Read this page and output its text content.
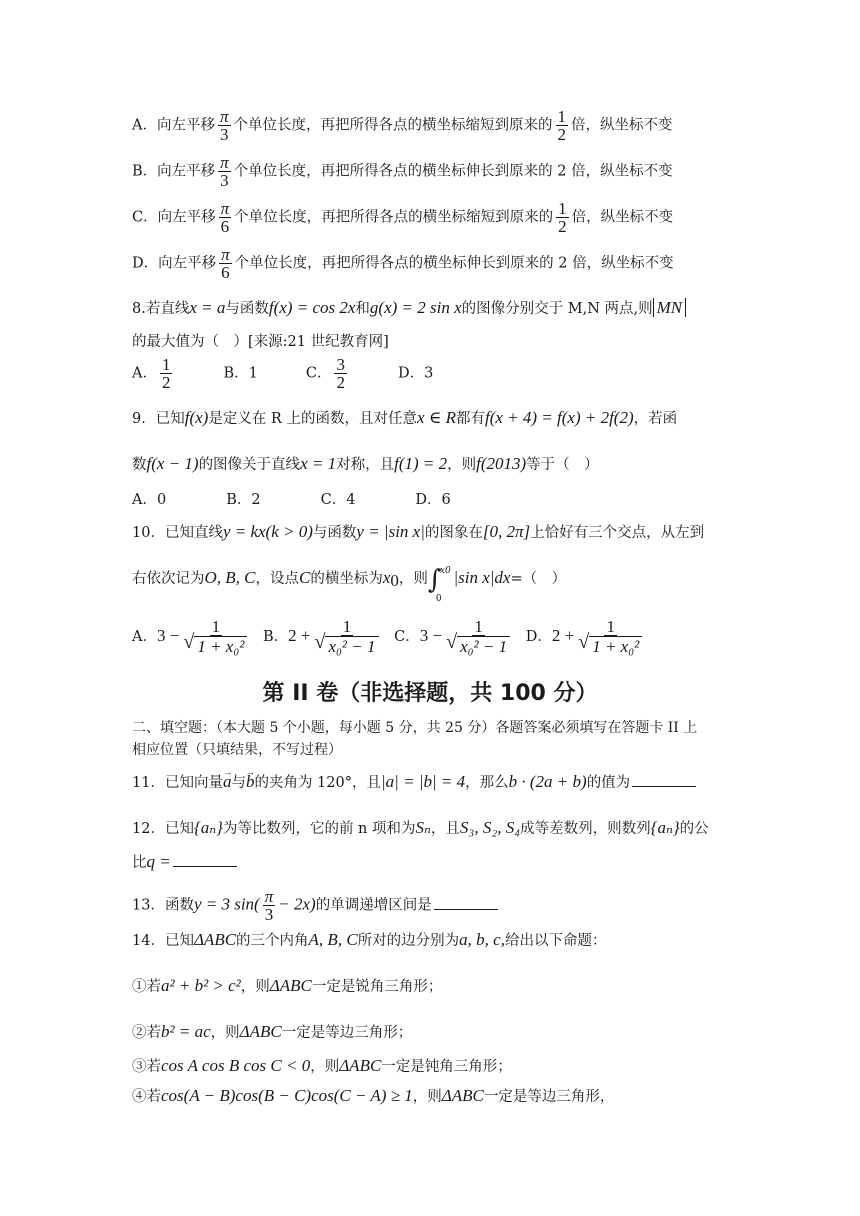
A．向左平移 $\frac{\pi}{3}$ 个单位长度，再把所得各点的横坐标缩短到原来的 $\frac{1}{2}$ 倍，纵坐标不变
B．向左平移 $\frac{\pi}{3}$ 个单位长度，再把所得各点的横坐标伸长到原来的 2 倍，纵坐标不变
C．向左平移 $\frac{\pi}{6}$ 个单位长度，再把所得各点的横坐标缩短到原来的 $\frac{1}{2}$ 倍，纵坐标不变
D．向左平移 $\frac{\pi}{6}$ 个单位长度，再把所得各点的横坐标伸长到原来的 2 倍，纵坐标不变
8.若直线x = a与函数f(x) = cos 2x和g(x) = 2 sin x的图像分别交于 M,N 两点,则 MN
的最大值为（　）[来源:21 世纪教育网]
A． $\frac{1}{2}$	B．1	C． $\frac{3}{2}$	D．3
9．已知f(x)是定义在 R 上的函数，且对任意x ∈ R都有f(x + 4) = f(x) + 2f(2)，若函
数f(x − 1)的图像关于直线x = 1对称，且f(1) = 2，则f(2013)等于（　）
A．0	B．2	C．4	D．6
10．已知直线y = kx(k > 0)与函数y = |sin x|的图象在[0, 2π]上恰好有三个交点，从左到
右依次记为O, B, C，设点C的横坐标为$x_0$，则∫
x0
0
|sin x|dx=（　）
A．3 − 1
√ 1 + x₀² B．2 + 1
√ x₀² − 1 C．3 − 1
√ x₀² − 1 D．2 + 1
√ 1 + x₀²
第 II 卷（非选择题，共 100 分）
二、填空题：（本大题 5 个小题，每小题 5 分，共 25 分）各题答案必须填写在答题卡 II 上
相应位置（只填结果，不写过程）
11．已知向量→ a与→ b的夹角为 120°，且|a| = |b| = 4，那么b · (2a + b)的值为
12．已知{aₙ}为等比数列，它的前 n 项和为Sₙ，且S₃, S₂, S₄成等差数列，则数列{aₙ}的公
比q =
13．函数y = 3 $\sin( \frac{\pi}{3} - 2x)$的单调递增区间是
14．已知ΔABC的三个内角A, B, C所对的边分别为a, b, c,给出以下命题：
①若a² + b² > c²，则ΔABC一定是锐角三角形；
②若b² = ac，则ΔABC一定是等边三角形；
③若cos A cos B cos C < 0，则ΔABC一定是钝角三角形；
④若cos(A − B)cos(B − C)cos(C − A) ≥ 1，则ΔABC一定是等边三角形，
